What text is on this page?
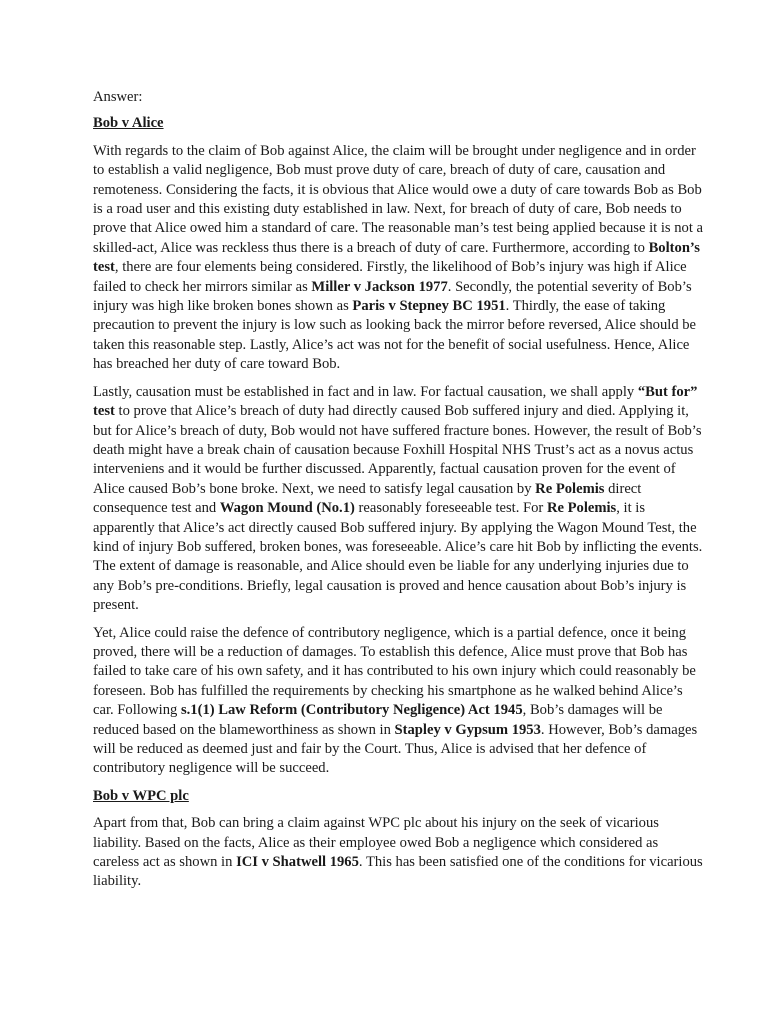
Answer:

Bob v Alice

With regards to the claim of Bob against Alice, the claim will be brought under negligence and in order to establish a valid negligence, Bob must prove duty of care, breach of duty of care, causation and remoteness. Considering the facts, it is obvious that Alice would owe a duty of care towards Bob as Bob is a road user and this existing duty established in law. Next, for breach of duty of care, Bob needs to prove that Alice owed him a standard of care. The reasonable man’s test being applied because it is not a skilled-act, Alice was reckless thus there is a breach of duty of care. Furthermore, according to Bolton’s test, there are four elements being considered. Firstly, the likelihood of Bob’s injury was high if Alice failed to check her mirrors similar as Miller v Jackson 1977. Secondly, the potential severity of Bob’s injury was high like broken bones shown as Paris v Stepney BC 1951. Thirdly, the ease of taking precaution to prevent the injury is low such as looking back the mirror before reversed, Alice should be taken this reasonable step. Lastly, Alice’s act was not for the benefit of social usefulness. Hence, Alice has breached her duty of care toward Bob.

Lastly, causation must be established in fact and in law. For factual causation, we shall apply “But for” test to prove that Alice’s breach of duty had directly caused Bob suffered injury and died. Applying it, but for Alice’s breach of duty, Bob would not have suffered fracture bones. However, the result of Bob’s death might have a break chain of causation because Foxhill Hospital NHS Trust’s act as a novus actus interveniens and it would be further discussed. Apparently, factual causation proven for the event of Alice caused Bob’s bone broke. Next, we need to satisfy legal causation by Re Polemis direct consequence test and Wagon Mound (No.1) reasonably foreseeable test. For Re Polemis, it is apparently that Alice’s act directly caused Bob suffered injury. By applying the Wagon Mound Test, the kind of injury Bob suffered, broken bones, was foreseeable. Alice’s care hit Bob by inflicting the events. The extent of damage is reasonable, and Alice should even be liable for any underlying injuries due to any Bob’s pre-conditions. Briefly, legal causation is proved and hence causation about Bob’s injury is present.

Yet, Alice could raise the defence of contributory negligence, which is a partial defence, once it being proved, there will be a reduction of damages. To establish this defence, Alice must prove that Bob has failed to take care of his own safety, and it has contributed to his own injury which could reasonably be foreseen. Bob has fulfilled the requirements by checking his smartphone as he walked behind Alice’s car. Following s.1(1) Law Reform (Contributory Negligence) Act 1945, Bob’s damages will be reduced based on the blameworthiness as shown in Stapley v Gypsum 1953. However, Bob’s damages will be reduced as deemed just and fair by the Court. Thus, Alice is advised that her defence of contributory negligence will be succeed.

Bob v WPC plc

Apart from that, Bob can bring a claim against WPC plc about his injury on the seek of vicarious liability. Based on the facts, Alice as their employee owed Bob a negligence which considered as careless act as shown in ICI v Shatwell 1965. This has been satisfied one of the conditions for vicarious liability.
